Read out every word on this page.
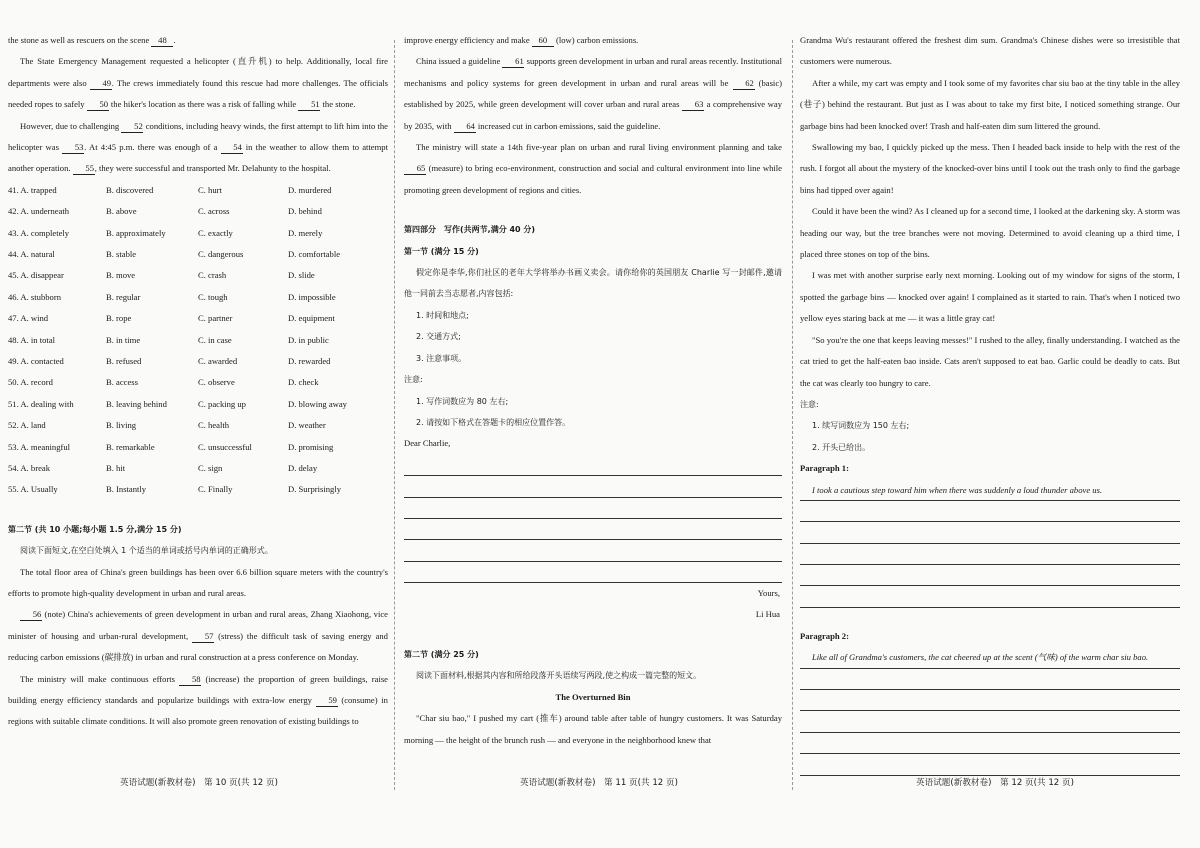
the stone as well as rescuers on the scene 48 .

The State Emergency Management requested a helicopter (直升机) to help. Additionally, local fire departments were also 49. The crews immediately found this rescue had more challenges. The officials needed ropes to safely 50 the hiker's location as there was a risk of falling while 51 the stone.

However, due to challenging 52 conditions, including heavy winds, the first attempt to lift him into the helicopter was 53. At 4:45 p.m. there was enough of a 54 in the weather to allow them to attempt another operation. 55, they were successful and transported Mr. Delahunty to the hospital.

41. A. trapped	B. discovered	C. hurt	D. murdered
42. A. underneath	B. above	C. across	D. behind
43. A. completely	B. approximately	C. exactly	D. merely
44. A. natural	B. stable	C. dangerous	D. comfortable
45. A. disappear	B. move	C. crash	D. slide
46. A. stubborn	B. regular	C. tough	D. impossible
47. A. wind	B. rope	C. partner	D. equipment
48. A. in total	B. in time	C. in case	D. in public
49. A. contacted	B. refused	C. awarded	D. rewarded
50. A. record	B. access	C. observe	D. check
51. A. dealing with	B. leaving behind	C. packing up	D. blowing away
52. A. land	B. living	C. health	D. weather
53. A. meaningful	B. remarkable	C. unsuccessful	D. promising
54. A. break	B. hit	C. sign	D. delay
55. A. Usually	B. Instantly	C. Finally	D. Surprisingly

第二节 (共 10 小题;每小题 1.5 分,满分 15 分)

阅读下面短文,在空白处填入 1 个适当的单词或括号内单词的正确形式。

The total floor area of China's green buildings has been over 6.6 billion square meters with the country's efforts to promote high-quality development in urban and rural areas.

56 (note) China's achievements of green development in urban and rural areas, Zhang Xiaohong, vice minister of housing and urban-rural development, 57 (stress) the difficult task of saving energy and reducing carbon emissions (碳排放) in urban and rural construction at a press conference on Monday.

The ministry will make continuous efforts 58 (increase) the proportion of green buildings, raise building energy efficiency standards and popularize buildings with extra-low energy 59 (consume) in regions with suitable climate conditions. It will also promote green renovation of existing buildings to

improve energy efficiency and make 60 (low) carbon emissions.

China issued a guideline 61 supports green development in urban and rural areas recently. Institutional mechanisms and policy systems for green development in urban and rural areas will be 62 (basic) established by 2025, while green development will cover urban and rural areas 63 a comprehensive way by 2035, with 64 increased cut in carbon emissions, said the guideline.

The ministry will state a 14th five-year plan on urban and rural living environment planning and take 65 (measure) to bring eco-environment, construction and social and cultural environment into line while promoting green development of regions and cities.

第四部分　写作(共两节,满分 40 分)

第一节 (满分 15 分)

假定你是李华,你们社区的老年大学将举办书画义卖会。请你给你的英国朋友 Charlie 写一封邮件,邀请他一同前去当志愿者,内容包括:

1. 时间和地点;

2. 交通方式;

3. 注意事项。

注意:

1. 写作词数应为 80 左右;

2. 请按如下格式在答题卡的相应位置作答。

Dear Charlie,

Yours,

Li Hua

第二节 (满分 25 分)

阅读下面材料,根据其内容和所给段落开头语续写两段,使之构成一篇完整的短文。

The Overturned Bin

"Char siu bao," I pushed my cart (推车) around table after table of hungry customers. It was Saturday morning — the height of the brunch rush — and everyone in the neighborhood knew that

Grandma Wu's restaurant offered the freshest dim sum. Grandma's Chinese dishes were so irresistible that customers were numerous.

After a while, my cart was empty and I took some of my favorites char siu bao at the tiny table in the alley (巷子) behind the restaurant. But just as I was about to take my first bite, I noticed something strange. Our garbage bins had been knocked over! Trash and half-eaten dim sum littered the ground.

Swallowing my bao, I quickly picked up the mess. Then I headed back inside to help with the rest of the rush. I forgot all about the mystery of the knocked-over bins until I took out the trash only to find the garbage bins had tipped over again!

Could it have been the wind? As I cleaned up for a second time, I looked at the darkening sky. A storm was heading our way, but the tree branches were not moving. Determined to avoid cleaning up a third time, I placed three stones on top of the bins.

I was met with another surprise early next morning. Looking out of my window for signs of the storm, I spotted the garbage bins — knocked over again! I complained as it started to rain. That's when I noticed two yellow eyes staring back at me — it was a little gray cat!

"So you're the one that keeps leaving messes!" I rushed to the alley, finally understanding. I watched as the cat tried to get the half-eaten bao inside. Cats aren't supposed to eat bao. Garlic could be deadly to cats. But the cat was clearly too hungry to care.

注意:

1. 续写词数应为 150 左右;

2. 开头已给出。

Paragraph 1:

I took a cautious step toward him when there was suddenly a loud thunder above us.

Paragraph 2:

Like all of Grandma's customers, the cat cheered up at the scent (气味) of the warm char siu bao.
英语试题(新教材卷)　第 10 页(共 12 页)	英语试题(新教材卷)　第 11 页(共 12 页)	英语试题(新教材卷)　第 12 页(共 12 页)
